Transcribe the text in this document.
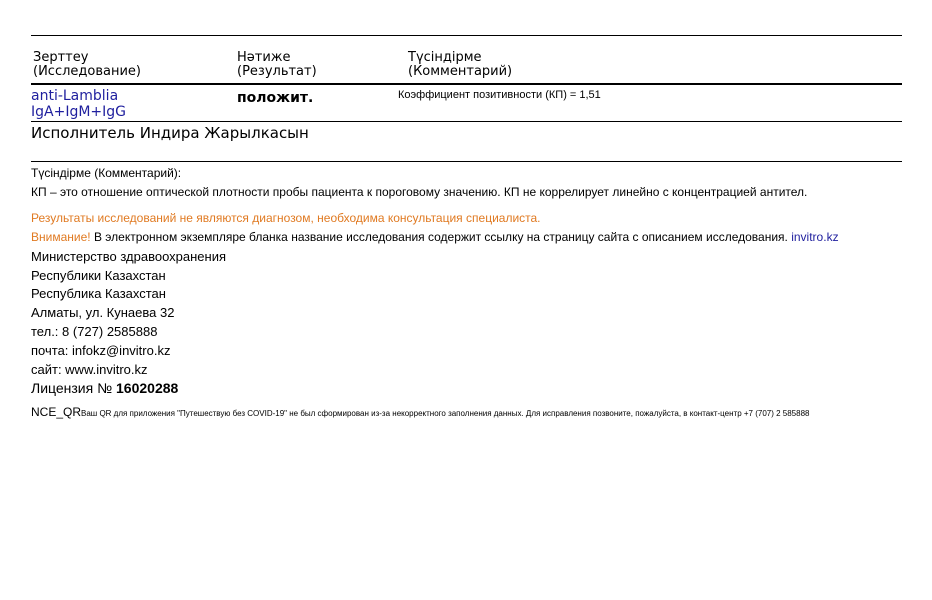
Зерттеу
(Исследование)
Нәтиже
(Результат)
Түсіндірме
(Комментарий)
anti-Lamblia
IgA+IgM+IgG
положит.	Коэффициент позитивности (КП) = 1,51
Исполнитель Индира Жарылкасын
Түсіндірме (Комментарий):
КП – это отношение оптической плотности пробы пациента к пороговому значению. КП не коррелирует линейно с концентрацией антител.
Результаты исследований не являются диагнозом, необходима консультация специалиста.
Внимание! В электронном экземпляре бланка название исследования содержит ссылку на страницу сайта с описанием исследования. invitro.kz
Министерство здравоохранения
Республики Казахстан
Республика Казахстан
Алматы, ул. Кунаева 32
тел.: 8 (727) 2585888
почта: infokz@invitro.kz
сайт: www.invitro.kz
Лицензия № 16020288
NCE_QRВаш QR для приложения "Путешествую без COVID-19" не был сформирован из-за некорректного заполнения данных. Для исправления позвоните, пожалуйста, в контакт-центр +7 (707) 2 585888
